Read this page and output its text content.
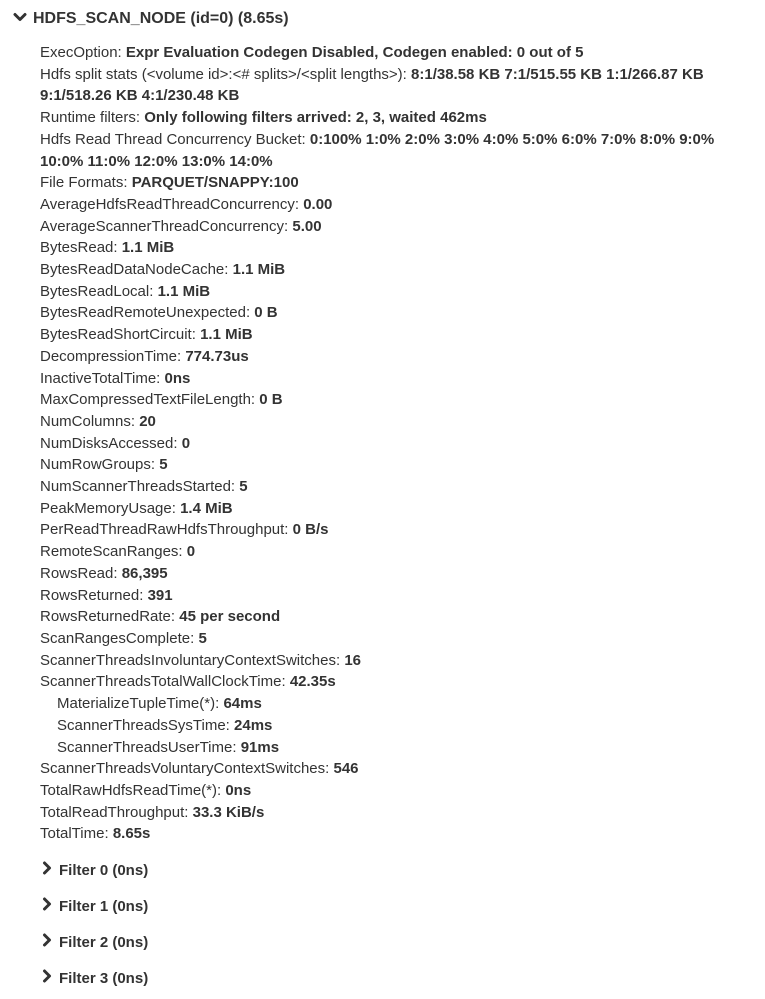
HDFS_SCAN_NODE (id=0) (8.65s)
ExecOption: Expr Evaluation Codegen Disabled, Codegen enabled: 0 out of 5
Hdfs split stats (<volume id>:<# splits>/<split lengths>): 8:1/38.58 KB 7:1/515.55 KB 1:1/266.87 KB 9:1/518.26 KB 4:1/230.48 KB
Runtime filters: Only following filters arrived: 2, 3, waited 462ms
Hdfs Read Thread Concurrency Bucket: 0:100% 1:0% 2:0% 3:0% 4:0% 5:0% 6:0% 7:0% 8:0% 9:0% 10:0% 11:0% 12:0% 13:0% 14:0%
File Formats: PARQUET/SNAPPY:100
AverageHdfsReadThreadConcurrency: 0.00
AverageScannerThreadConcurrency: 5.00
BytesRead: 1.1 MiB
BytesReadDataNodeCache: 1.1 MiB
BytesReadLocal: 1.1 MiB
BytesReadRemoteUnexpected: 0 B
BytesReadShortCircuit: 1.1 MiB
DecompressionTime: 774.73us
InactiveTotalTime: 0ns
MaxCompressedTextFileLength: 0 B
NumColumns: 20
NumDisksAccessed: 0
NumRowGroups: 5
NumScannerThreadsStarted: 5
PeakMemoryUsage: 1.4 MiB
PerReadThreadRawHdfsThroughput: 0 B/s
RemoteScanRanges: 0
RowsRead: 86,395
RowsReturned: 391
RowsReturnedRate: 45 per second
ScanRangesComplete: 5
ScannerThreadsInvoluntaryContextSwitches: 16
ScannerThreadsTotalWallClockTime: 42.35s
MaterializeTupleTime(*): 64ms
ScannerThreadsSysTime: 24ms
ScannerThreadsUserTime: 91ms
ScannerThreadsVoluntaryContextSwitches: 546
TotalRawHdfsReadTime(*): 0ns
TotalReadThroughput: 33.3 KiB/s
TotalTime: 8.65s
Filter 0 (0ns)
Filter 1 (0ns)
Filter 2 (0ns)
Filter 3 (0ns)
